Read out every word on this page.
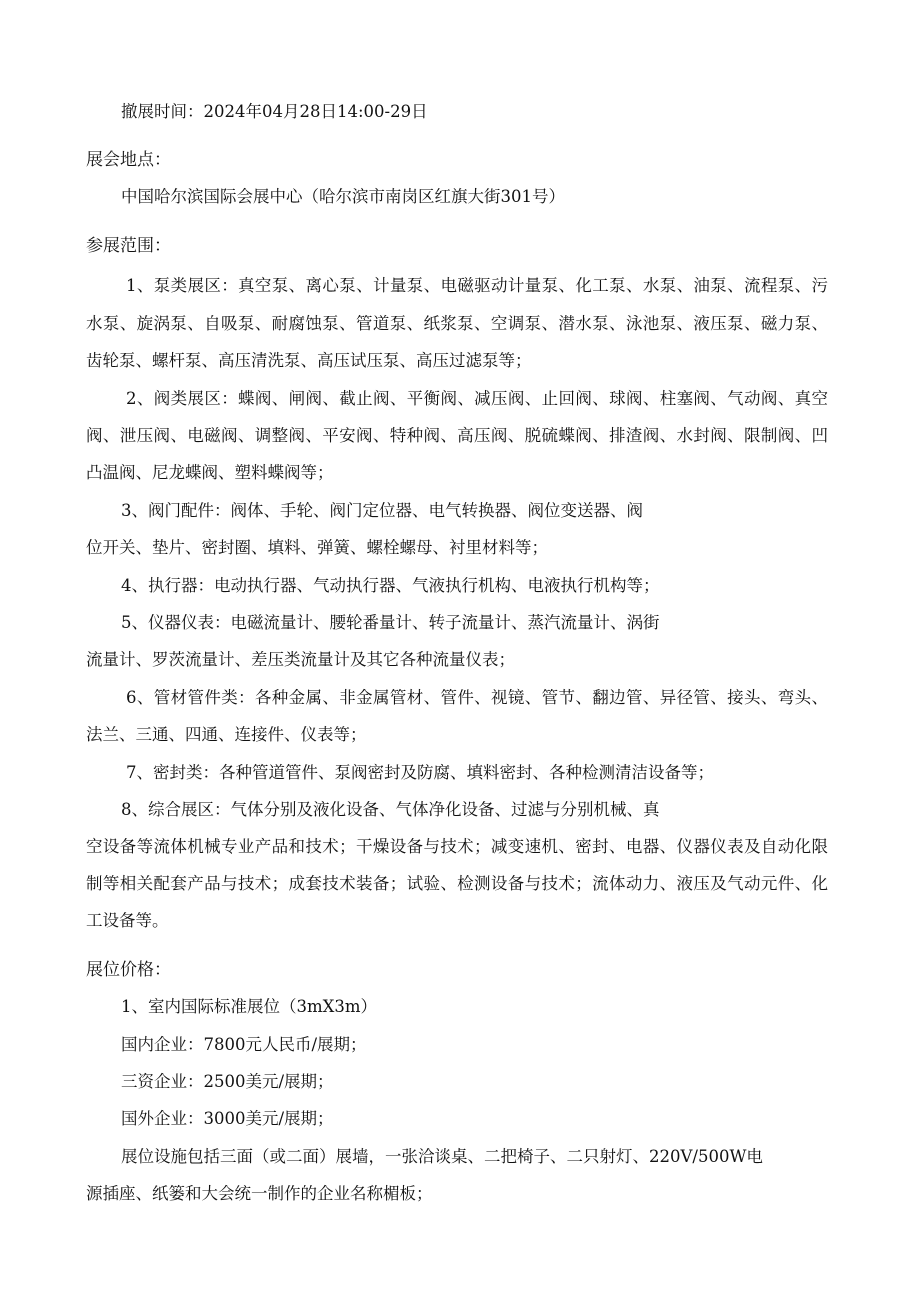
撤展时间：2024年04月28日14:00-29日
展会地点：
中国哈尔滨国际会展中心（哈尔滨市南岗区红旗大街301号）
参展范围：
1、泵类展区：真空泵、离心泵、计量泵、电磁驱动计量泵、化工泵、水泵、油泵、流程泵、污
水泵、旋涡泵、自吸泵、耐腐蚀泵、管道泵、纸浆泵、空调泵、潜水泵、泳池泵、液压泵、磁力泵、
齿轮泵、螺杆泵、高压清洗泵、高压试压泵、高压过滤泵等；
2、阀类展区：蝶阀、闸阀、截止阀、平衡阀、减压阀、止回阀、球阀、柱塞阀、气动阀、真空
阀、泄压阀、电磁阀、调整阀、平安阀、特种阀、高压阀、脱硫蝶阀、排渣阀、水封阀、限制阀、凹
凸温阀、尼龙蝶阀、塑料蝶阀等；
3、阀门配件：阀体、手轮、阀门定位器、电气转换器、阀位变送器、阀
位开关、垫片、密封圈、填料、弹簧、螺栓螺母、衬里材料等；
4、执行器：电动执行器、气动执行器、气液执行机构、电液执行机构等；
5、仪器仪表：电磁流量计、腰轮番量计、转子流量计、蒸汽流量计、涡街
流量计、罗茨流量计、差压类流量计及其它各种流量仪表；
6、管材管件类：各种金属、非金属管材、管件、视镜、管节、翻边管、异径管、接头、弯头、
法兰、三通、四通、连接件、仪表等；
7、密封类：各种管道管件、泵阀密封及防腐、填料密封、各种检测清洁设备等；
8、综合展区：气体分别及液化设备、气体净化设备、过滤与分别机械、真
空设备等流体机械专业产品和技术；干燥设备与技术；减变速机、密封、电器、仪器仪表及自动化限
制等相关配套产品与技术；成套技术装备；试验、检测设备与技术；流体动力、液压及气动元件、化
工设备等。
展位价格：
1、室内国际标准展位（3mX3m）
国内企业：7800元人民币/展期；
三资企业：2500美元/展期；
国外企业：3000美元/展期；
展位设施包括三面（或二面）展墙，一张洽谈桌、二把椅子、二只射灯、220V/500W电
源插座、纸篓和大会统一制作的企业名称楣板；
